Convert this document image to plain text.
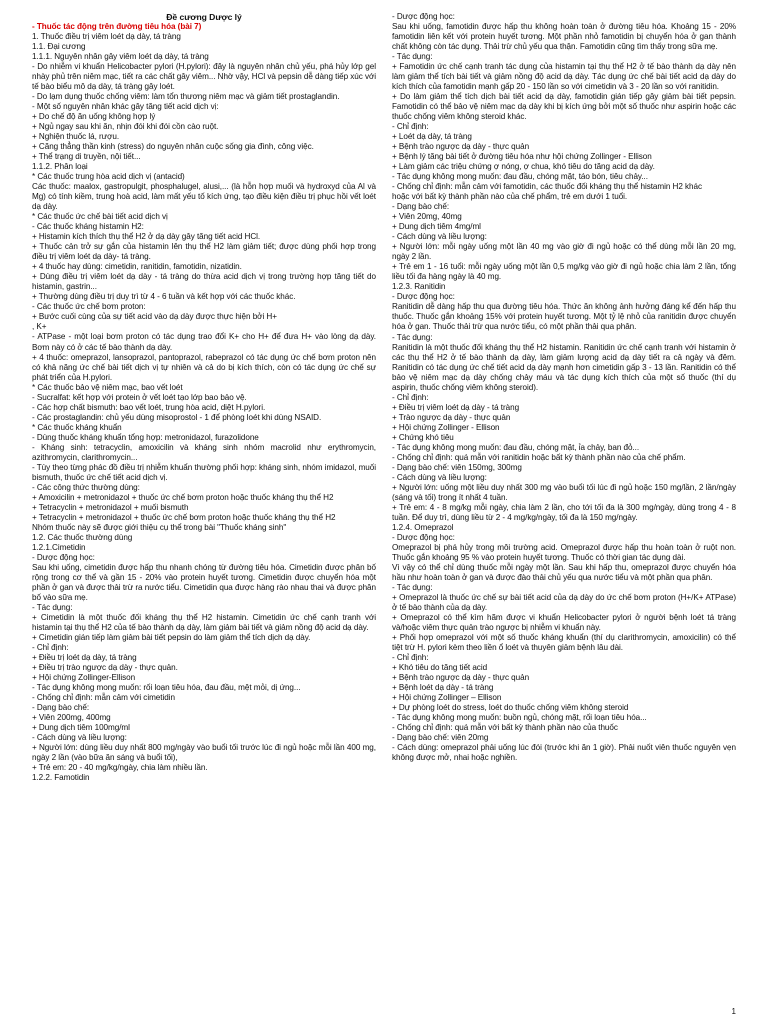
Đề cương Dược lý

- Thuốc tác động trên đường tiêu hóa (bài 7)

1. Thuốc điều trị viêm loét dạ dày, tá tràng

1.1. Đại cương

1.1.1. Nguyên nhân gây viêm loét dạ dày, tá tràng

- Do nhiễm vi khuẩn Helicobacter pylori (H.pylori): đây là nguyên nhân chủ yếu, phá hủy lớp gel nhày phủ trên niêm mạc, tiết ra các chất gây viêm... Nhờ vậy, HCl và pepsin dễ dàng tiếp xúc với tế bào biểu mô dạ dày, tá tràng gây loét.

- Do lạm dụng thuốc chống viêm: làm tổn thương niêm mạc và giảm tiết prostaglandin.

- Một số nguyên nhân khác gây tăng tiết acid dịch vị:

+ Do chế độ ăn uống không hợp lý

+ Ngủ ngay sau khi ăn, nhịn đói khi đói cồn cào ruột.

+ Nghiện thuốc lá, rượu.

+ Căng thẳng thần kinh (stress) do nguyên nhân cuộc sống gia đình, công việc.

+ Thể trạng di truyền, nội tiết...

1.1.2. Phân loại

* Các thuốc trung hòa acid dịch vị (antacid)

Các thuốc: maalox, gastropulgit, phosphalugel, alusi,... (là hỗn hợp muối và hydroxyd của Al và Mg) có tính kiềm, trung hoà acid, làm mất yếu tố kích ứng, tạo điều kiện điều trị phục hồi vết loét dạ dày.

* Các thuốc ức chế bài tiết acid dịch vị

- Các thuốc kháng histamin H2:

+ Histamin kích thích thụ thể H2 ở dạ dày gây tăng tiết acid HCl.

+ Thuốc cản trở sự gắn của histamin lên thụ thể H2 làm giảm tiết; được dùng phối hợp trong điều trị viêm loét dạ dày- tá tràng.

+ 4 thuốc hay dùng: cimetidin, ranitidin, famotidin, nizatidin.

+ Dùng điều trị viêm loét dạ dày - tá tràng do thừa acid dịch vị trong trường hợp tăng tiết do histamin, gastrin...

+ Thường dùng điều trị duy trì từ 4 - 6 tuần và kết hợp với các thuốc khác.

- Các thuốc ức chế bơm proton:

+ Bước cuối cùng của sự tiết acid vào dạ dày được thực hiện bởi H+

, K+

- ATPase - một loại bơm proton có tác dụng trao đổi K+ cho H+ để đưa H+ vào lòng dạ dày. Bơm này có ở các tế bào thành dạ dày.

+ 4 thuốc: omeprazol, lansoprazol, pantoprazol, rabeprazol có tác dụng ức chế bơm proton nên có khả năng ức chế bài tiết dịch vị tự nhiên và cả do bị kích thích, còn có tác dụng ức chế sự phát triển của H.pylori.

* Các thuốc bảo vệ niêm mạc, bao vết loét

- Sucralfat: kết hợp với protein ở vết loét tạo lớp bao bảo vệ.

- Các hợp chất bismuth: bao vết loét, trung hòa acid, diệt H.pylori.

- Các prostaglandin: chủ yếu dùng misoprostol - 1 để phòng loét khi dùng NSAID.

* Các thuốc kháng khuẩn

- Dùng thuốc kháng khuẩn tổng hợp: metronidazol, furazolidone

- Kháng sinh: tetracyclin, amoxicilin và kháng sinh nhóm macrolid như erythromycin, azithromycin, clarithromycin...

- Tùy theo từng phác đồ điều trị nhiễm khuẩn thường phối hợp: kháng sinh, nhóm imidazol, muối bismuth, thuốc ức chế tiết acid dịch vị.

- Các công thức thường dùng:

+ Amoxicilin + metronidazol + thuốc ức chế bơm proton hoặc thuốc kháng thụ thể H2

+ Tetracyclin + metronidazol + muối bismuth

+ Tetracyclin + metronidazol + thuốc ức chế bơm proton hoặc thuốc kháng thụ thể H2

Nhóm thuốc này sẽ được giới thiệu cụ thể trong bài "Thuốc kháng sinh"

1.2. Các thuốc thường dùng

1.2.1.Cimetidin

- Dược động học:

Sau khi uống, cimetidin được hấp thu nhanh chóng từ đường tiêu hóa. Cimetidin được phân bố rộng trong cơ thể và gần 15 - 20% vào protein huyết tương. Cimetidin được chuyển hóa một phần ở gan và được thải trừ ra nước tiểu. Cimetidin qua được hàng rào nhau thai và được phân bố vào sữa mẹ.

- Tác dụng:

+ Cimetidin là một thuốc đối kháng thụ thể H2 histamin. Cimetidin ức chế cạnh tranh với histamin tại thụ thể H2 của tế bào thành dạ dày, làm giảm bài tiết và giảm nồng độ acid dạ dày.

+ Cimetidin gián tiếp làm giảm bài tiết pepsin do làm giảm thể tích dịch dạ dày.

- Chỉ định:

+ Điều trị loét dạ dày, tá tràng

+ Điều trị trào ngược dạ dày - thực quản.

+ Hội chứng Zollinger-Ellison

- Tác dụng không mong muốn: rối loạn tiêu hóa, đau đầu, mệt mỏi, dị ứng...

- Chống chỉ định: mẫn cảm với cimetidin

- Dạng bào chế:

+ Viên 200mg, 400mg

+ Dung dịch tiêm 100mg/ml

- Cách dùng và liều lượng:

+ Người lớn: dùng liều duy nhất 800 mg/ngày vào buổi tối trước lúc đi ngủ hoặc mỗi lần 400 mg, ngày 2 lần (vào bữa ăn sáng và buổi tối),

+ Trẻ em: 20 - 40 mg/kg/ngày, chia làm nhiều lần.

1.2.2. Famotidin

- Dược động học:

Sau khi uống, famotidin được hấp thu không hoàn toàn ở đường tiêu hóa. Khoảng 15 - 20% famotidin liên kết với protein huyết tương. Một phần nhỏ famotidin bị chuyển hóa ở gan thành chất không còn tác dụng. Thải trừ chủ yếu qua thận. Famotidin cũng tìm thấy trong sữa mẹ.

- Tác dụng:

+ Famotidin ức chế cạnh tranh tác dụng của histamin tại thụ thể H2 ở tế bào thành dạ dày nên làm giảm thể tích bài tiết và giảm nồng độ acid dạ dày. Tác dụng ức chế bài tiết acid dạ dày do kích thích của famotidin mạnh gấp 20 - 150 lần so với cimetidin và 3 - 20 lần so với ranitidin.

+ Do làm giảm thể tích dịch bài tiết acid dạ dày, famotidin gián tiếp gây giảm bài tiết pepsin. Famotidin có thể bảo vệ niêm mạc dạ dày khi bị kích ứng bởi một số thuốc như aspirin hoặc các thuốc chống viêm không steroid khác.

- Chỉ định:

+ Loét dạ dày, tá tràng

+ Bệnh trào ngược dạ dày - thực quản

+ Bệnh lý tăng bài tiết ở đường tiêu hóa như hội chứng Zollinger - Ellison

+ Làm giảm các triệu chứng ợ nóng, ợ chua, khó tiêu do tăng acid dạ dày.

- Tác dụng không mong muốn: đau đầu, chóng mặt, táo bón, tiêu chảy...

- Chống chỉ định: mẫn cảm với famotidin, các thuốc đối kháng thụ thể histamin H2 khác

hoặc với bất kỳ thành phần nào của chế phẩm, trẻ em dưới 1 tuổi.

- Dạng bào chế:

+ Viên 20mg, 40mg

+ Dung dịch tiêm 4mg/ml

- Cách dùng và liều lượng:

+ Người lớn: mỗi ngày uống một lần 40 mg vào giờ đi ngủ hoặc có thể dùng mỗi lần 20 mg, ngày 2 lần.

+ Trẻ em 1 - 16 tuổi: mỗi ngày uống một lần 0,5 mg/kg vào giờ đi ngủ hoặc chia làm 2 lần, tổng liều tối đa hàng ngày là 40 mg.

1.2.3. Ranitidin

- Dược động học:

Ranitidin dễ dàng hấp thu qua đường tiêu hóa. Thức ăn không ảnh hưởng đáng kể đến hấp thu thuốc. Thuốc gắn khoảng 15% với protein huyết tương. Một tỷ lệ nhỏ của ranitidin được chuyển hóa ở gan. Thuốc thải trừ qua nước tiểu, có một phần thải qua phân.

- Tác dụng:

Ranitidin là một thuốc đối kháng thụ thể H2 histamin. Ranitidin ức chế cạnh tranh với histamin ở các thụ thể H2 ở tế bào thành dạ dày, làm giảm lượng acid dạ dày tiết ra cả ngày và đêm. Ranitidin có tác dụng ức chế tiết acid dạ dày mạnh hơn cimetidin gấp 3 - 13 lần. Ranitidin có thể bảo vệ niêm mạc dạ dày chống chảy máu và tác dụng kích thích của một số thuốc (thí dụ aspirin, thuốc chống viêm không steroid).

- Chỉ định:

+ Điều trị viêm loét dạ dày - tá tràng

+ Trào ngược dạ dày - thực quản

+ Hội chứng Zollinger - Ellison

+ Chứng khó tiêu

- Tác dụng không mong muốn: đau đầu, chóng mặt, ỉa chảy, ban đỏ...

- Chống chỉ định: quá mẫn với ranitidin hoặc bất kỳ thành phần nào của chế phẩm.

- Dạng bào chế: viên 150mg, 300mg

- Cách dùng và liều lượng:

+ Người lớn: uống một liều duy nhất 300 mg vào buổi tối lúc đi ngủ hoặc 150 mg/lần, 2 lần/ngày (sáng và tối) trong ít nhất 4 tuần.

+ Trẻ em: 4 - 8 mg/kg mỗi ngày, chia làm 2 lần, cho tới tối đa là 300 mg/ngày, dùng trong 4 - 8 tuần. Để duy trì, dùng liều từ 2 - 4 mg/kg/ngày, tối đa là 150 mg/ngày.

1.2.4. Omeprazol

- Dược động học:

Omeprazol bị phá hủy trong môi trường acid. Omeprazol được hấp thu hoàn toàn ở ruột non. Thuốc gắn khoảng 95 % vào protein huyết tương. Thuốc có thời gian tác dụng dài.

Vì vậy có thể chỉ dùng thuốc mỗi ngày một lần. Sau khi hấp thu, omeprazol được chuyển hóa hầu như hoàn toàn ở gan và được đào thải chủ yếu qua nước tiểu và một phần qua phân.

- Tác dụng:

+ Omeprazol là thuốc ức chế sự bài tiết acid của dạ dày do ức chế bơm proton (H+/K+ ATPase) ở tế bào thành của dạ dày.

+ Omeprazol có thể kìm hãm được vi khuẩn Helicobacter pylori ở người bệnh loét tá tràng và/hoặc viêm thực quản trào ngược bị nhiễm vi khuẩn này.

+ Phối hợp omeprazol với một số thuốc kháng khuẩn (thí dụ clarithromycin, amoxicilin) có thể tiệt trừ H. pylori kèm theo liền ổ loét và thuyên giảm bệnh lâu dài.

- Chỉ định:

+ Khó tiêu do tăng tiết acid

+ Bệnh trào ngược dạ dày - thực quản

+ Bệnh loét dạ dày - tá tràng

+ Hội chứng Zollinger – Ellison

+ Dự phòng loét do stress, loét do thuốc chống viêm không steroid

- Tác dụng không mong muốn: buồn ngủ, chóng mặt, rối loạn tiêu hóa...

- Chống chỉ định: quá mẫn với bất kỳ thành phần nào của thuốc

- Dạng bào chế: viên 20mg

- Cách dùng: omeprazol phải uống lúc đói (trước khi ăn 1 giờ). Phải nuốt viên thuốc nguyên vẹn không được mở, nhai hoặc nghiền.

1
